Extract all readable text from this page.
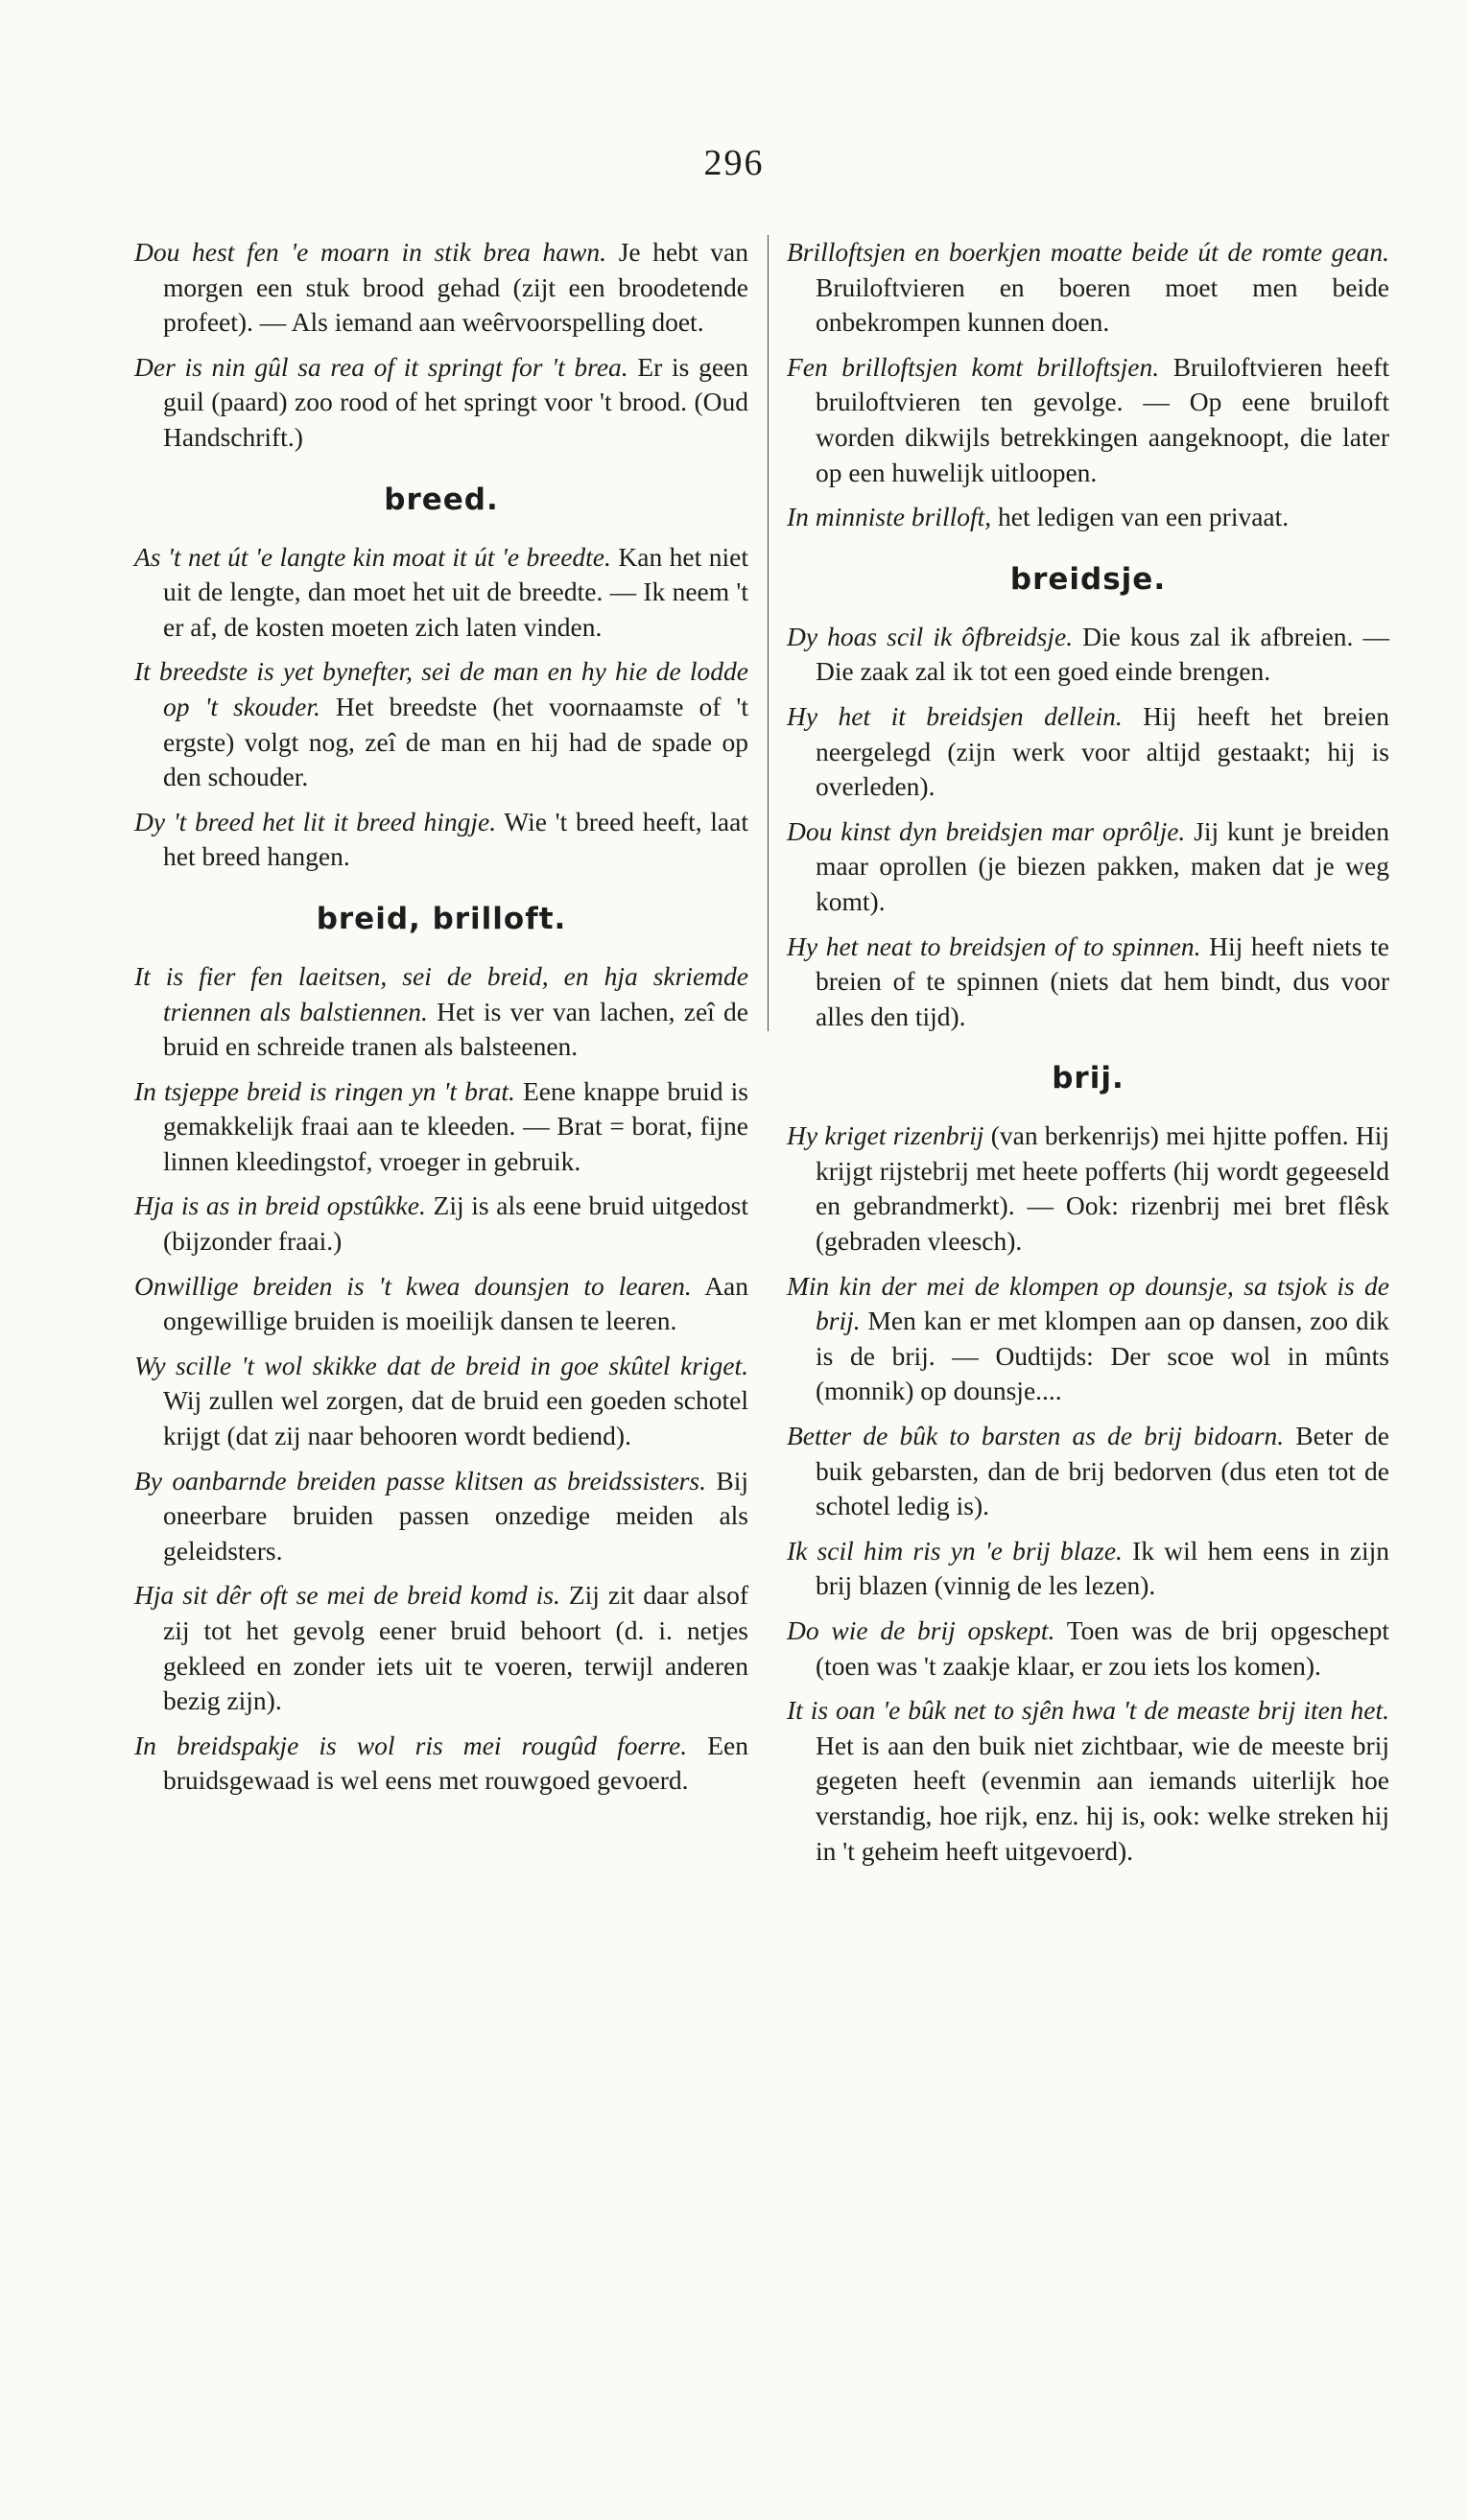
296

Dou hest fen 'e moarn in stik brea hawn. Je hebt van morgen een stuk brood gehad (zijt een broodetende profeet). — Als iemand aan weêrvoorspelling doet.

Der is nin gûl sa rea of it springt for 't brea. Er is geen guil (paard) zoo rood of het springt voor 't brood. (Oud Handschrift.)

breed.

As 't net út 'e langte kin moat it út 'e breedte. Kan het niet uit de lengte, dan moet het uit de breedte. — Ik neem 't er af, de kosten moeten zich laten vinden.

It breedste is yet bynefter, sei de man en hy hie de lodde op 't skouder. Het breedste (het voornaamste of 't ergste) volgt nog, zeî de man en hij had de spade op den schouder.

Dy 't breed het lit it breed hingje. Wie 't breed heeft, laat het breed hangen.

breid, brilloft.

It is fier fen laeitsen, sei de breid, en hja skriemde triennen als balstiennen. Het is ver van lachen, zeî de bruid en schreide tranen als balsteenen.

In tsjeppe breid is ringen yn 't brat. Eene knappe bruid is gemakkelijk fraai aan te kleeden. — Brat = borat, fijne linnen kleedingstof, vroeger in gebruik.

Hja is as in breid opstûkke. Zij is als eene bruid uitgedost (bijzonder fraai.)

Onwillige breiden is 't kwea dounsjen to learen. Aan ongewillige bruiden is moeilijk dansen te leeren.

Wy scille 't wol skikke dat de breid in goe skûtel kriget. Wij zullen wel zorgen, dat de bruid een goeden schotel krijgt (dat zij naar behooren wordt bediend).

By oanbarnde breiden passe klitsen as breidssisters. Bij oneerbare bruiden passen onzedige meiden als geleidsters.

Hja sit dêr oft se mei de breid komd is. Zij zit daar alsof zij tot het gevolg eener bruid behoort (d. i. netjes gekleed en zonder iets uit te voeren, terwijl anderen bezig zijn).

In breidspakje is wol ris mei rougûd foerre. Een bruidsgewaad is wel eens met rouwgoed gevoerd.

Brilloftsjen en boerkjen moatte beide út de romte gean. Bruiloftvieren en boeren moet men beide onbekrompen kunnen doen.

Fen brilloftsjen komt brilloftsjen. Bruiloftvieren heeft bruiloftvieren ten gevolge. — Op eene bruiloft worden dikwijls betrekkingen aangeknoopt, die later op een huwelijk uitloopen.

In minniste brilloft, het ledigen van een privaat.

breidsje.

Dy hoas scil ik ôfbreidsje. Die kous zal ik afbreien. — Die zaak zal ik tot een goed einde brengen.

Hy het it breidsjen dellein. Hij heeft het breien neergelegd (zijn werk voor altijd gestaakt; hij is overleden).

Dou kinst dyn breidsjen mar oprôlje. Jij kunt je breiden maar oprollen (je biezen pakken, maken dat je weg komt).

Hy het neat to breidsjen of to spinnen. Hij heeft niets te breien of te spinnen (niets dat hem bindt, dus voor alles den tijd).

brij.

Hy kriget rizenbrij (van berkenrijs) mei hjitte poffen. Hij krijgt rijstebrij met heete pofferts (hij wordt gegeeseld en gebrandmerkt). — Ook: rizenbrij mei bret flêsk (gebraden vleesch).

Min kin der mei de klompen op dounsje, sa tsjok is de brij. Men kan er met klompen aan op dansen, zoo dik is de brij. — Oudtijds: Der scoe wol in mûnts (monnik) op dounsje....

Better de bûk to barsten as de brij bidoarn. Beter de buik gebarsten, dan de brij bedorven (dus eten tot de schotel ledig is).

Ik scil him ris yn 'e brij blaze. Ik wil hem eens in zijn brij blazen (vinnig de les lezen).

Do wie de brij opskept. Toen was de brij opgeschept (toen was 't zaakje klaar, er zou iets los komen).

It is oan 'e bûk net to sjên hwa 't de measte brij iten het. Het is aan den buik niet zichtbaar, wie de meeste brij gegeten heeft (evenmin aan iemands uiterlijk hoe verstandig, hoe rijk, enz. hij is, ook: welke streken hij in 't geheim heeft uitgevoerd).
